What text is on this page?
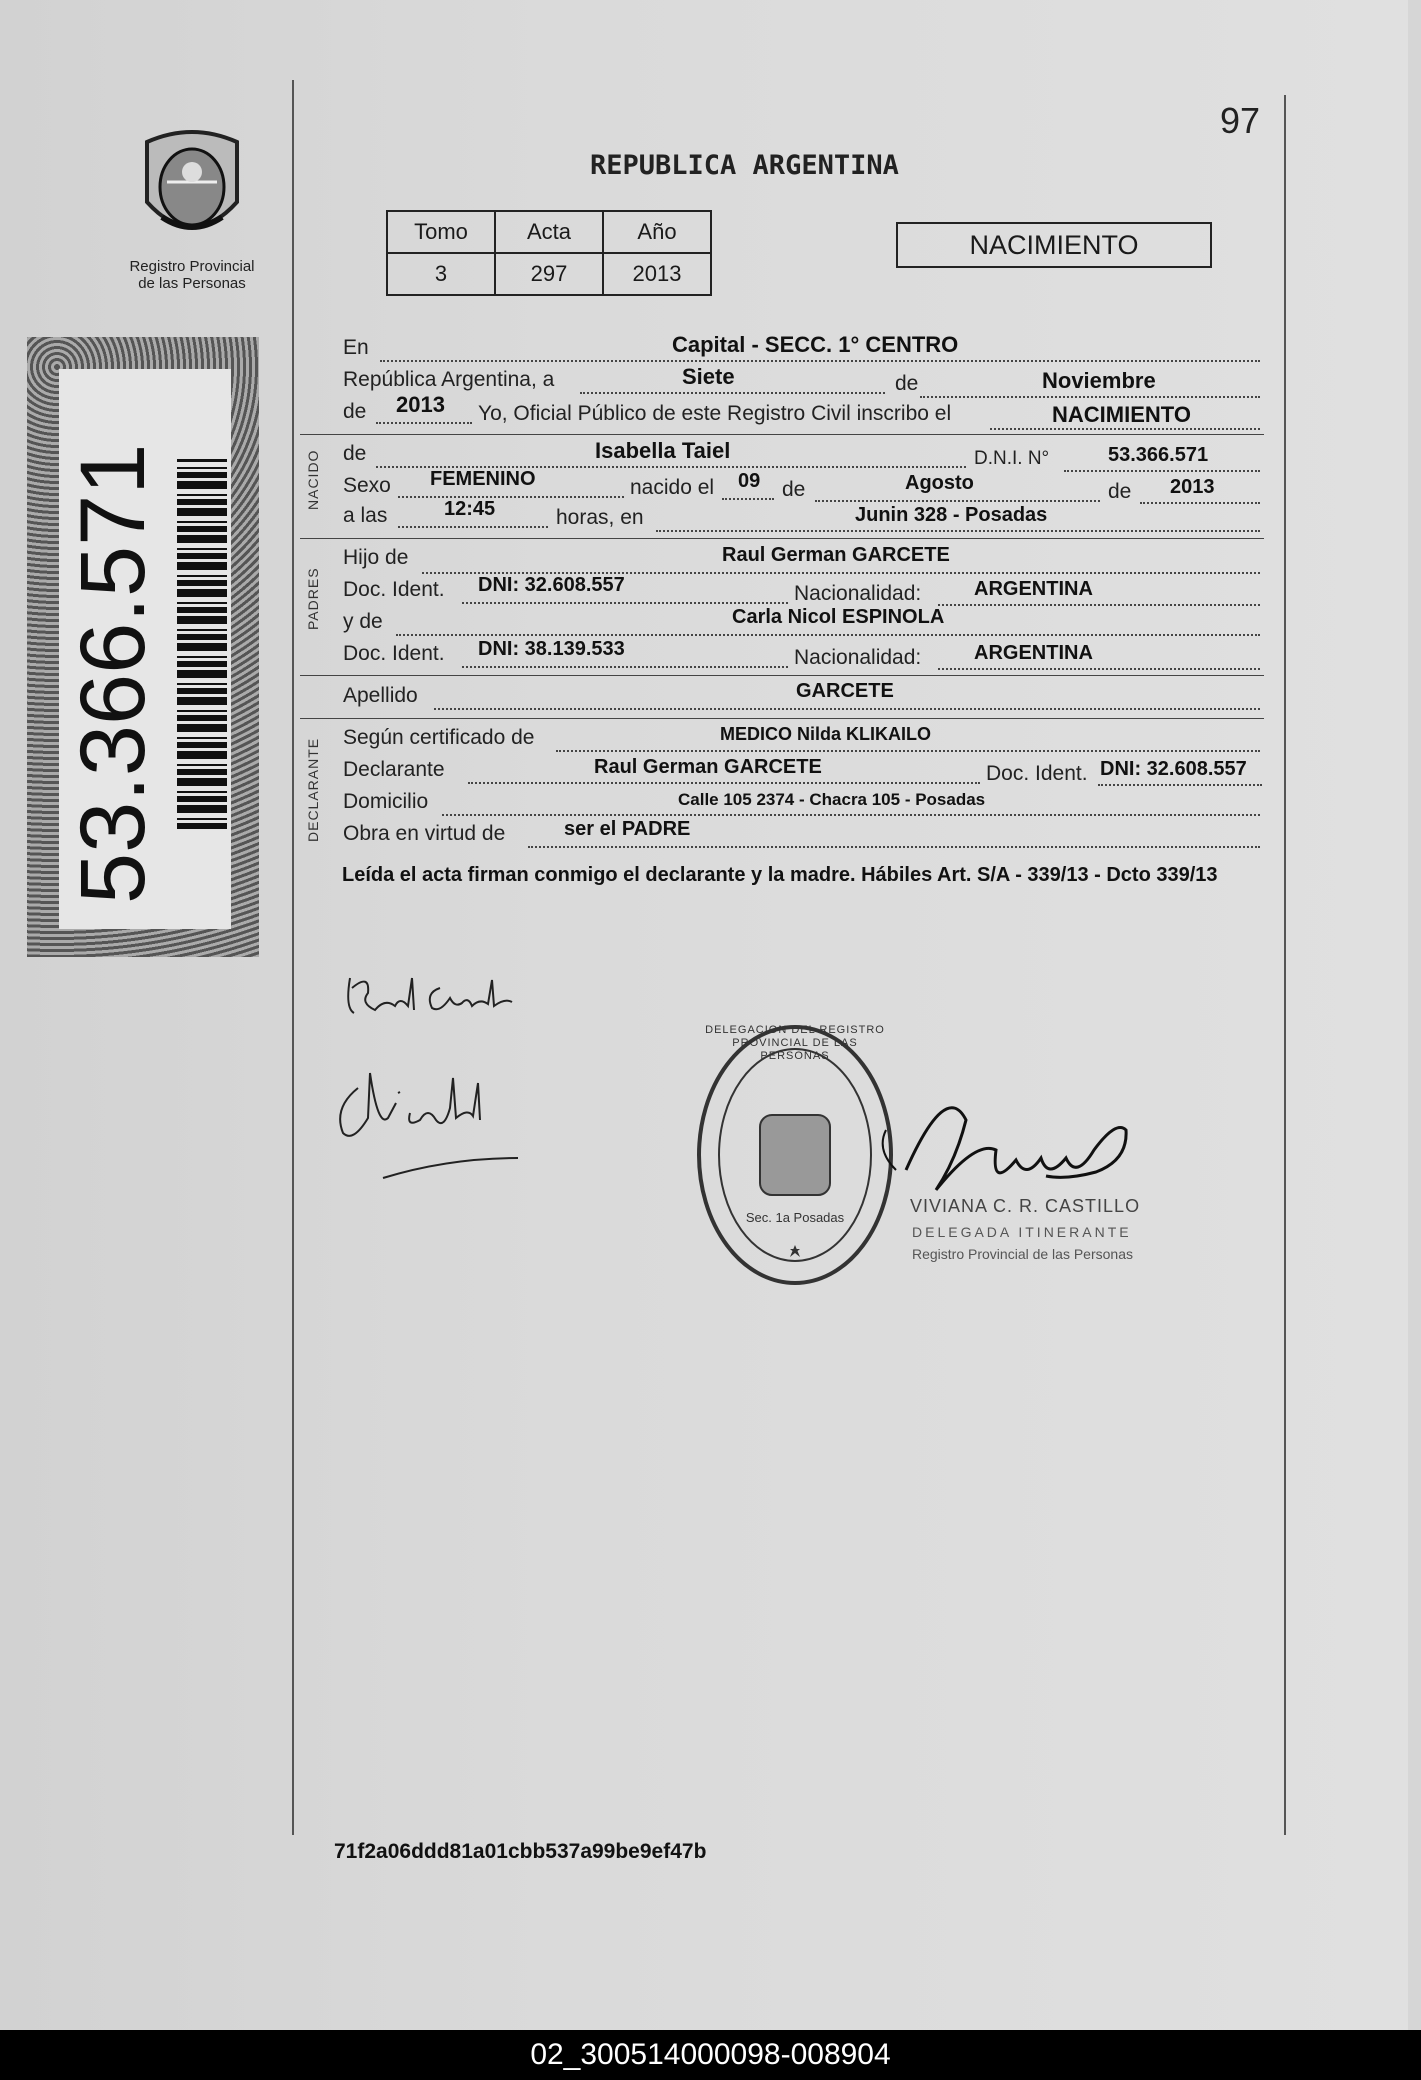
97
Registro Provincial de las Personas
53.366.571
REPUBLICA ARGENTINA
Tomo	Acta	Año
3	297	2013
NACIMIENTO
NACIDO
PADRES
DECLARANTE
En	Capital - SECC. 1° CENTRO
República Argentina, a	Siete	de	Noviembre
de 2013 Yo, Oficial Público de este Registro Civil inscribo el	NACIMIENTO
de	Isabella Taiel	D.N.I. N°	53.366.571
Sexo FEMENINO	nacido el 09 de	Agosto	de 2013
a las	12:45	horas, en	Junin 328 - Posadas
Hijo de	Raul German GARCETE
Doc. Ident. DNI: 32.608.557	Nacionalidad:	ARGENTINA
y de	Carla Nicol ESPINOLA
Doc. Ident. DNI: 38.139.533	Nacionalidad:	ARGENTINA
Apellido	GARCETE
Según certificado de	MEDICO Nilda KLIKAILO
Declarante	Raul German GARCETE	Doc. Ident. DNI: 32.608.557
Domicilio	Calle 105 2374 - Chacra 105 - Posadas
Obra en virtud de	ser el PADRE
Leída el acta firman conmigo el declarante y la madre. Hábiles Art. S/A - 339/13 - Dcto 339/13
DELEGACION DEL REGISTRO PROVINCIAL DE LAS PERSONAS
Sec. 1a Posadas
VIVIANA C. R. CASTILLO
DELEGADA ITINERANTE
Registro Provincial de las Personas
71f2a06ddd81a01cbb537a99be9ef47b
02_300514000098-008904
